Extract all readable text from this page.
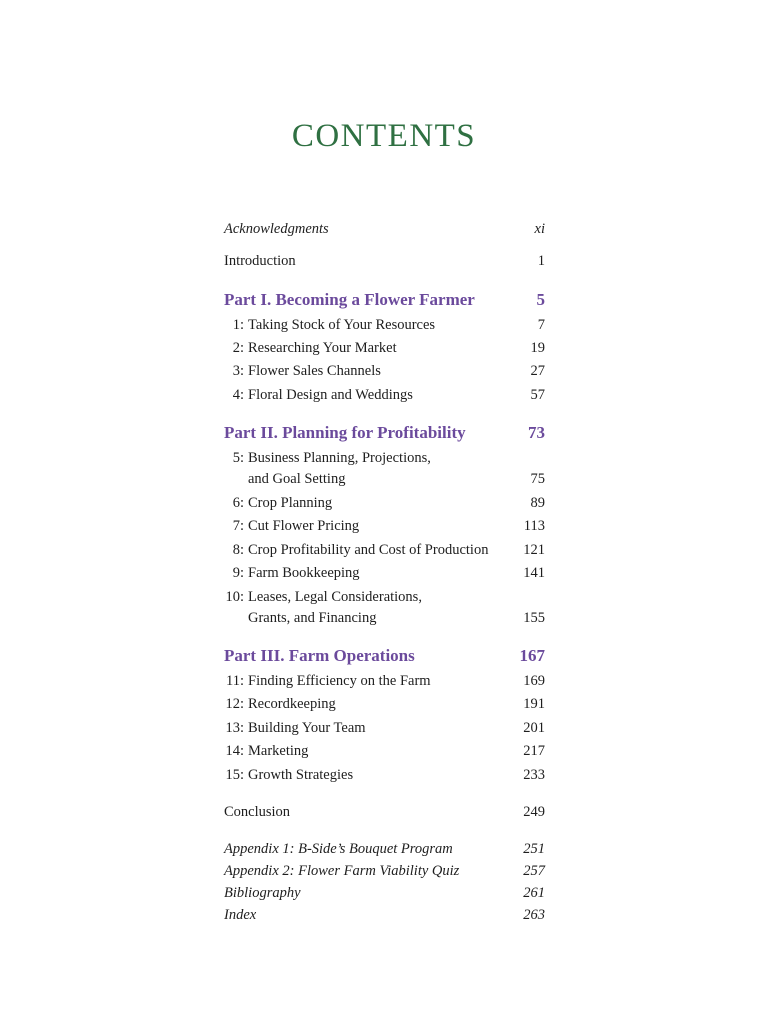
CONTENTS
Acknowledgments	xi
Introduction	1
Part I. Becoming a Flower Farmer	5
1: Taking Stock of Your Resources	7
2: Researching Your Market	19
3: Flower Sales Channels	27
4: Floral Design and Weddings	57
Part II. Planning for Profitability	73
5: Business Planning, Projections,
and Goal Setting	75
6: Crop Planning	89
7: Cut Flower Pricing	113
8: Crop Profitability and Cost of Production 121
9: Farm Bookkeeping	141
10: Leases, Legal Considerations,
Grants, and Financing	155
Part III. Farm Operations	167
11: Finding Efficiency on the Farm	169
12: Recordkeeping	191
13: Building Your Team	201
14: Marketing	217
15: Growth Strategies	233
Conclusion	249
Appendix 1: B-Side’s Bouquet Program	251
Appendix 2: Flower Farm Viability Quiz	257
Bibliography	261
Index	263
